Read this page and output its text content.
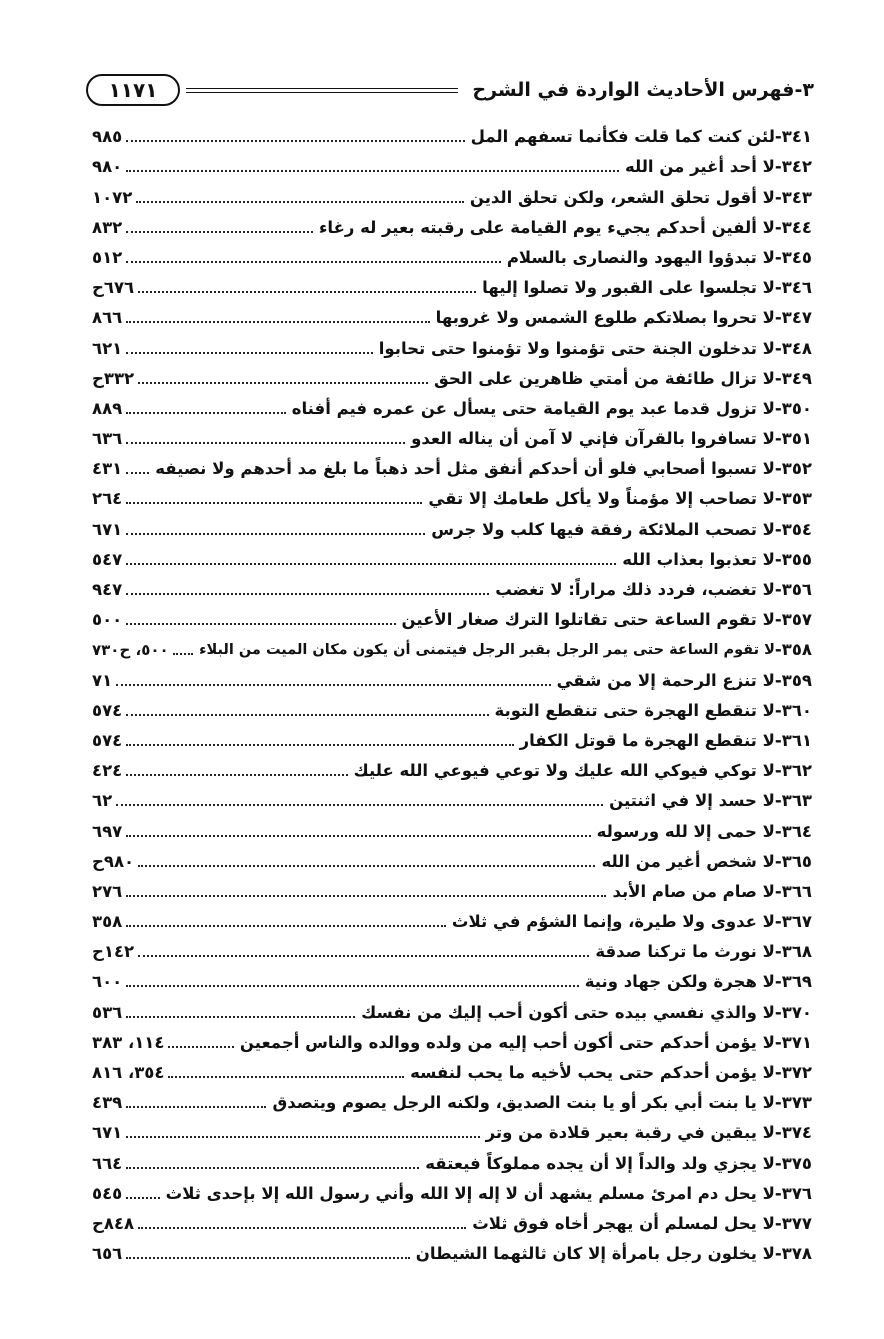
٣-فهرس الأحاديث الواردة في الشرح
١١٧١
٣٤١-
لئن كنت كما قلت فكأنما تسفهم المل
٩٨٥
٣٤٢-
لا أحد أغير من الله
٩٨٠
٣٤٣-
لا أقول تحلق الشعر، ولكن تحلق الدين
١٠٧٢
٣٤٤-
لا ألفين أحدكم يجيء يوم القيامة على رقبته بعير له رغاء
٨٣٢
٣٤٥-
لا تبدؤوا اليهود والنصارى بالسلام
٥١٢
٣٤٦-
لا تجلسوا على القبور ولا تصلوا إليها
٦٧٦ح
٣٤٧-
لا تحروا بصلاتكم طلوع الشمس ولا غروبها
٨٦٦
٣٤٨-
لا تدخلون الجنة حتى تؤمنوا ولا تؤمنوا حتى تحابوا
٦٢١
٣٤٩-
لا تزال طائفة من أمتي ظاهرين على الحق
٣٣٢ح
٣٥٠-
لا تزول قدما عبد يوم القيامة حتى يسأل عن عمره فيم أفناه
٨٨٩
٣٥١-
لا تسافروا بالقرآن فإني لا آمن أن يناله العدو
٦٣٦
٣٥٢-
لا تسبوا أصحابي فلو أن أحدكم أنفق مثل أحد ذهباً ما بلغ مد أحدهم ولا نصيفه
٤٣١
٣٥٣-
لا تصاحب إلا مؤمناً ولا يأكل طعامك إلا تقي
٢٦٤
٣٥٤-
لا تصحب الملائكة رفقة فيها كلب ولا جرس
٦٧١
٣٥٥-
لا تعذبوا بعذاب الله
٥٤٧
٣٥٦-
لا تغضب، فردد ذلك مراراً: لا تغضب
٩٤٧
٣٥٧-
لا تقوم الساعة حتى تقاتلوا الترك صغار الأعين
٥٠٠
٣٥٨-
لا تقوم الساعة حتى يمر الرجل بقبر الرجل فيتمنى أن يكون مكان الميت من البلاء
٥٠٠، ح٧٣٠
٣٥٩-
لا تنزع الرحمة إلا من شقي
٧١
٣٦٠-
لا تنقطع الهجرة حتى تنقطع التوبة
٥٧٤
٣٦١-
لا تنقطع الهجرة ما قوتل الكفار
٥٧٤
٣٦٢-
لا توكي فيوكي الله عليك ولا توعي فيوعي الله عليك
٤٢٤
٣٦٣-
لا حسد إلا في اثنتين
٦٢
٣٦٤-
لا حمى إلا لله ورسوله
٦٩٧
٣٦٥-
لا شخص أغير من الله
٩٨٠ح
٣٦٦-
لا صام من صام الأبد
٢٧٦
٣٦٧-
لا عدوى ولا طيرة، وإنما الشؤم في ثلاث
٣٥٨
٣٦٨-
لا نورث ما تركنا صدقة
١٤٢ح
٣٦٩-
لا هجرة ولكن جهاد ونية
٦٠٠
٣٧٠-
لا والذي نفسي بيده حتى أكون أحب إليك من نفسك
٥٣٦
٣٧١-
لا يؤمن أحدكم حتى أكون أحب إليه من ولده ووالده والناس أجمعين
١١٤، ٣٨٣
٣٧٢-
لا يؤمن أحدكم حتى يحب لأخيه ما يحب لنفسه
٣٥٤، ٨١٦
٣٧٣-
لا يا بنت أبي بكر أو يا بنت الصديق، ولكنه الرجل يصوم ويتصدق
٤٣٩
٣٧٤-
لا يبقين في رقبة بعير قلادة من وتر
٦٧١
٣٧٥-
لا يجزي ولد والداً إلا أن يجده مملوكاً فيعتقه
٦٦٤
٣٧٦-
لا يحل دم امرئ مسلم يشهد أن لا إله إلا الله وأني رسول الله إلا بإحدى ثلاث
٥٤٥
٣٧٧-
لا يحل لمسلم أن يهجر أخاه فوق ثلاث
٨٤٨ح
٣٧٨-
لا يخلون رجل بامرأة إلا كان ثالثهما الشيطان
٦٥٦
